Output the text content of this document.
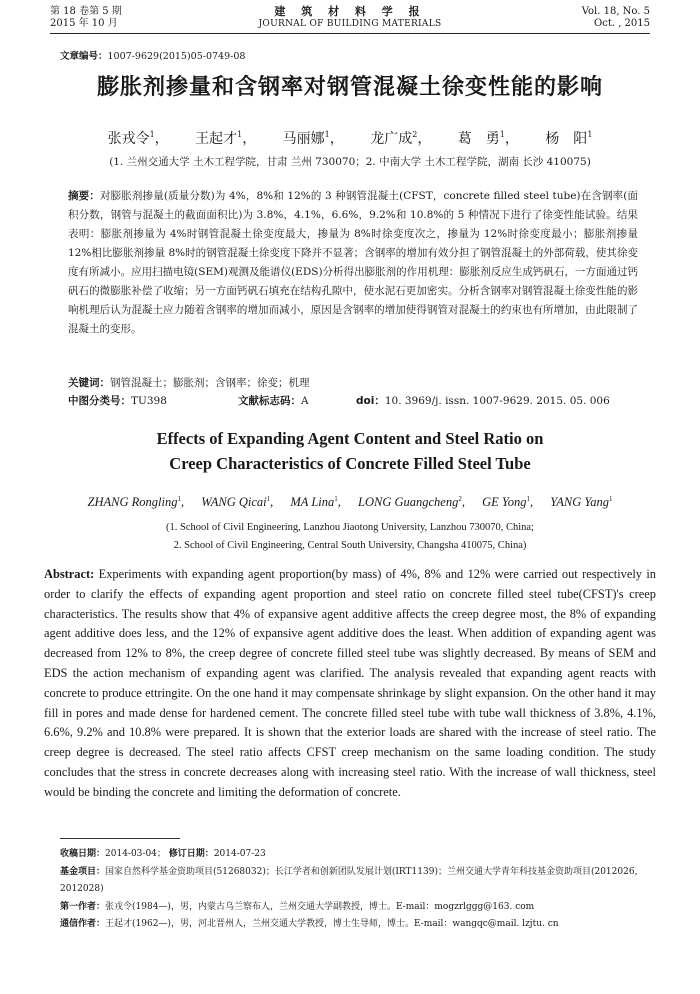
第 18 卷第 5 期
2015 年 10 月
建 筑 材 料 学 报
JOURNAL OF BUILDING MATERIALS
Vol. 18, No. 5
Oct. , 2015
文章编号：1007-9629(2015)05-0749-08
膨胀剂掺量和含钢率对钢管混凝土徐变性能的影响
张戎令$^1$， 王起才$^1$， 马丽娜$^1$， 龙广成$^2$， 葛　勇$^1$， 杨　阳$^1$
(1. 兰州交通大学 土木工程学院，甘肃 兰州 730070；2. 中南大学 土木工程学院，湖南 长沙 410075)
摘要：对膨胀剂掺量(质量分数)为 4%，8%和 12%的 3 种钢管混凝土(CFST，concrete filled steel tube)在含钢率(面积分数，钢管与混凝土的截面面积比)为 3.8%，4.1%，6.6%，9.2%和 10.8%的 5 种情况下进行了徐变性能试验。结果表明：膨胀剂掺量为 4%时钢管混凝土徐变度最大，掺量为 8%时徐变度次之，掺量为 12%时徐变度最小；膨胀剂掺量 12%相比膨胀剂掺量 8%时的钢管混凝土徐变度下降并不显著；含钢率的增加有效分担了钢管混凝土的外部荷载，使其徐变度有所减小。应用扫描电镜(SEM)观测及能谱仪(EDS)分析得出膨胀剂的作用机理：膨胀剂反应生成钙矾石，一方面通过钙矾石的微膨胀补偿了收缩；另一方面钙矾石填充在结构孔隙中，使水泥石更加密实。分析含钢率对钢管混凝土徐变性能的影响机理后认为混凝土应力随着含钢率的增加而减小，原因是含钢率的增加使得钢管对混凝土的约束也有所增加，由此限制了混凝土的变形。
关键词：钢管混凝土；膨胀剂；含钢率；徐变；机理
中图分类号：TU398	文献标志码：A	doi：10. 3969/j. issn. 1007-9629. 2015. 05. 006
Effects of Expanding Agent Content and Steel Ratio on
Creep Characteristics of Concrete Filled Steel Tube
ZHANG Rongling$^1$, WANG Qicai$^1$, MA Lina$^1$, LONG Guangcheng$^2$, GE Yong$^1$, YANG Yang$^1$
(1. School of Civil Engineering, Lanzhou Jiaotong University, Lanzhou 730070, China;
2. School of Civil Engineering, Central South University, Changsha 410075, China)
Abstract: Experiments with expanding agent proportion(by mass) of 4%, 8% and 12% were carried out respectively in order to clarify the effects of expanding agent proportion and steel ratio on concrete filled steel tube(CFST)'s creep characteristics. The results show that 4% of expansive agent additive affects the creep degree most, the 8% of expanding agent additive does less, and the 12% of expansive agent additive does the least. When addition of expanding agent was decreased from 12% to 8%, the creep degree of concrete filled steel tube was slightly decreased. By means of SEM and EDS the action mechanism of expanding agent was clarified. The analysis revealed that expanding agent reacts with concrete to produce ettringite. On the one hand it may compensate shrinkage by slight expansion. On the other hand it may fill in pores and made dense for hardened cement. The concrete filled steel tube with tube wall thickness of 3.8%, 4.1%, 6.6%, 9.2% and 10.8% were prepared. It is shown that the exterior loads are shared with the increase of steel ratio. The creep degree is decreased. The steel ratio affects CFST creep mechanism on the same loading condition. The study concludes that the stress in concrete decreases along with increasing steel ratio. With the increase of wall thickness, steel would be binding the concrete and limiting the deformation of concrete.

收稿日期：2014-03-04； 修订日期：2014-07-23

基金项目：国家自然科学基金资助项目(51268032)；长江学者和创新团队发展计划(IRT1139)；兰州交通大学青年科技基金资助项目(2012026，2012028)

第一作者：张戎令(1984—)，男，内蒙古乌兰察布人，兰州交通大学副教授，博士。E-mail：mogzrlggg@163. com

通信作者：王起才(1962—)，男，河北晋州人，兰州交通大学教授，博士生导师，博士。E-mail：wangqc@mail. lzjtu. cn
